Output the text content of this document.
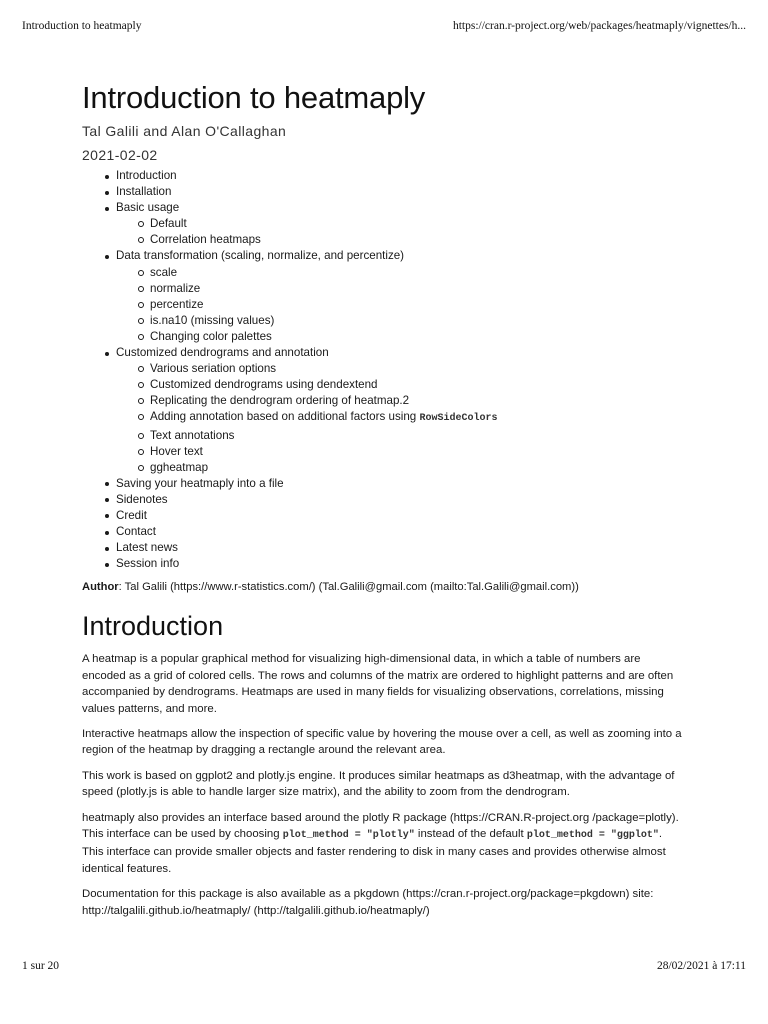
Introduction to heatmaply	https://cran.r-project.org/web/packages/heatmaply/vignettes/h...
Introduction to heatmaply
Tal Galili and Alan O'Callaghan
2021-02-02
Introduction
Installation
Basic usage
Default
Correlation heatmaps
Data transformation (scaling, normalize, and percentize)
scale
normalize
percentize
is.na10 (missing values)
Changing color palettes
Customized dendrograms and annotation
Various seriation options
Customized dendrograms using dendextend
Replicating the dendrogram ordering of heatmap.2
Adding annotation based on additional factors using RowSideColors
Text annotations
Hover text
ggheatmap
Saving your heatmaply into a file
Sidenotes
Credit
Contact
Latest news
Session info
Author: Tal Galili (https://www.r-statistics.com/) (Tal.Galili@gmail.com (mailto:Tal.Galili@gmail.com))
Introduction

A heatmap is a popular graphical method for visualizing high-dimensional data, in which a table of numbers are encoded as a grid of colored cells. The rows and columns of the matrix are ordered to highlight patterns and are often accompanied by dendrograms. Heatmaps are used in many fields for visualizing observations, correlations, missing values patterns, and more.

Interactive heatmaps allow the inspection of specific value by hovering the mouse over a cell, as well as zooming into a region of the heatmap by dragging a rectangle around the relevant area.

This work is based on ggplot2 and plotly.js engine. It produces similar heatmaps as d3heatmap, with the advantage of speed (plotly.js is able to handle larger size matrix), and the ability to zoom from the dendrogram.

heatmaply also provides an interface based around the plotly R package (https://CRAN.R-project.org /package=plotly). This interface can be used by choosing plot_method = "plotly" instead of the default plot_method = "ggplot". This interface can provide smaller objects and faster rendering to disk in many cases and provides otherwise almost identical features.

Documentation for this package is also available as a pkgdown (https://cran.r-project.org/package=pkgdown) site: http://talgalili.github.io/heatmaply/ (http://talgalili.github.io/heatmaply/)

1 sur 20	28/02/2021 à 17:11
